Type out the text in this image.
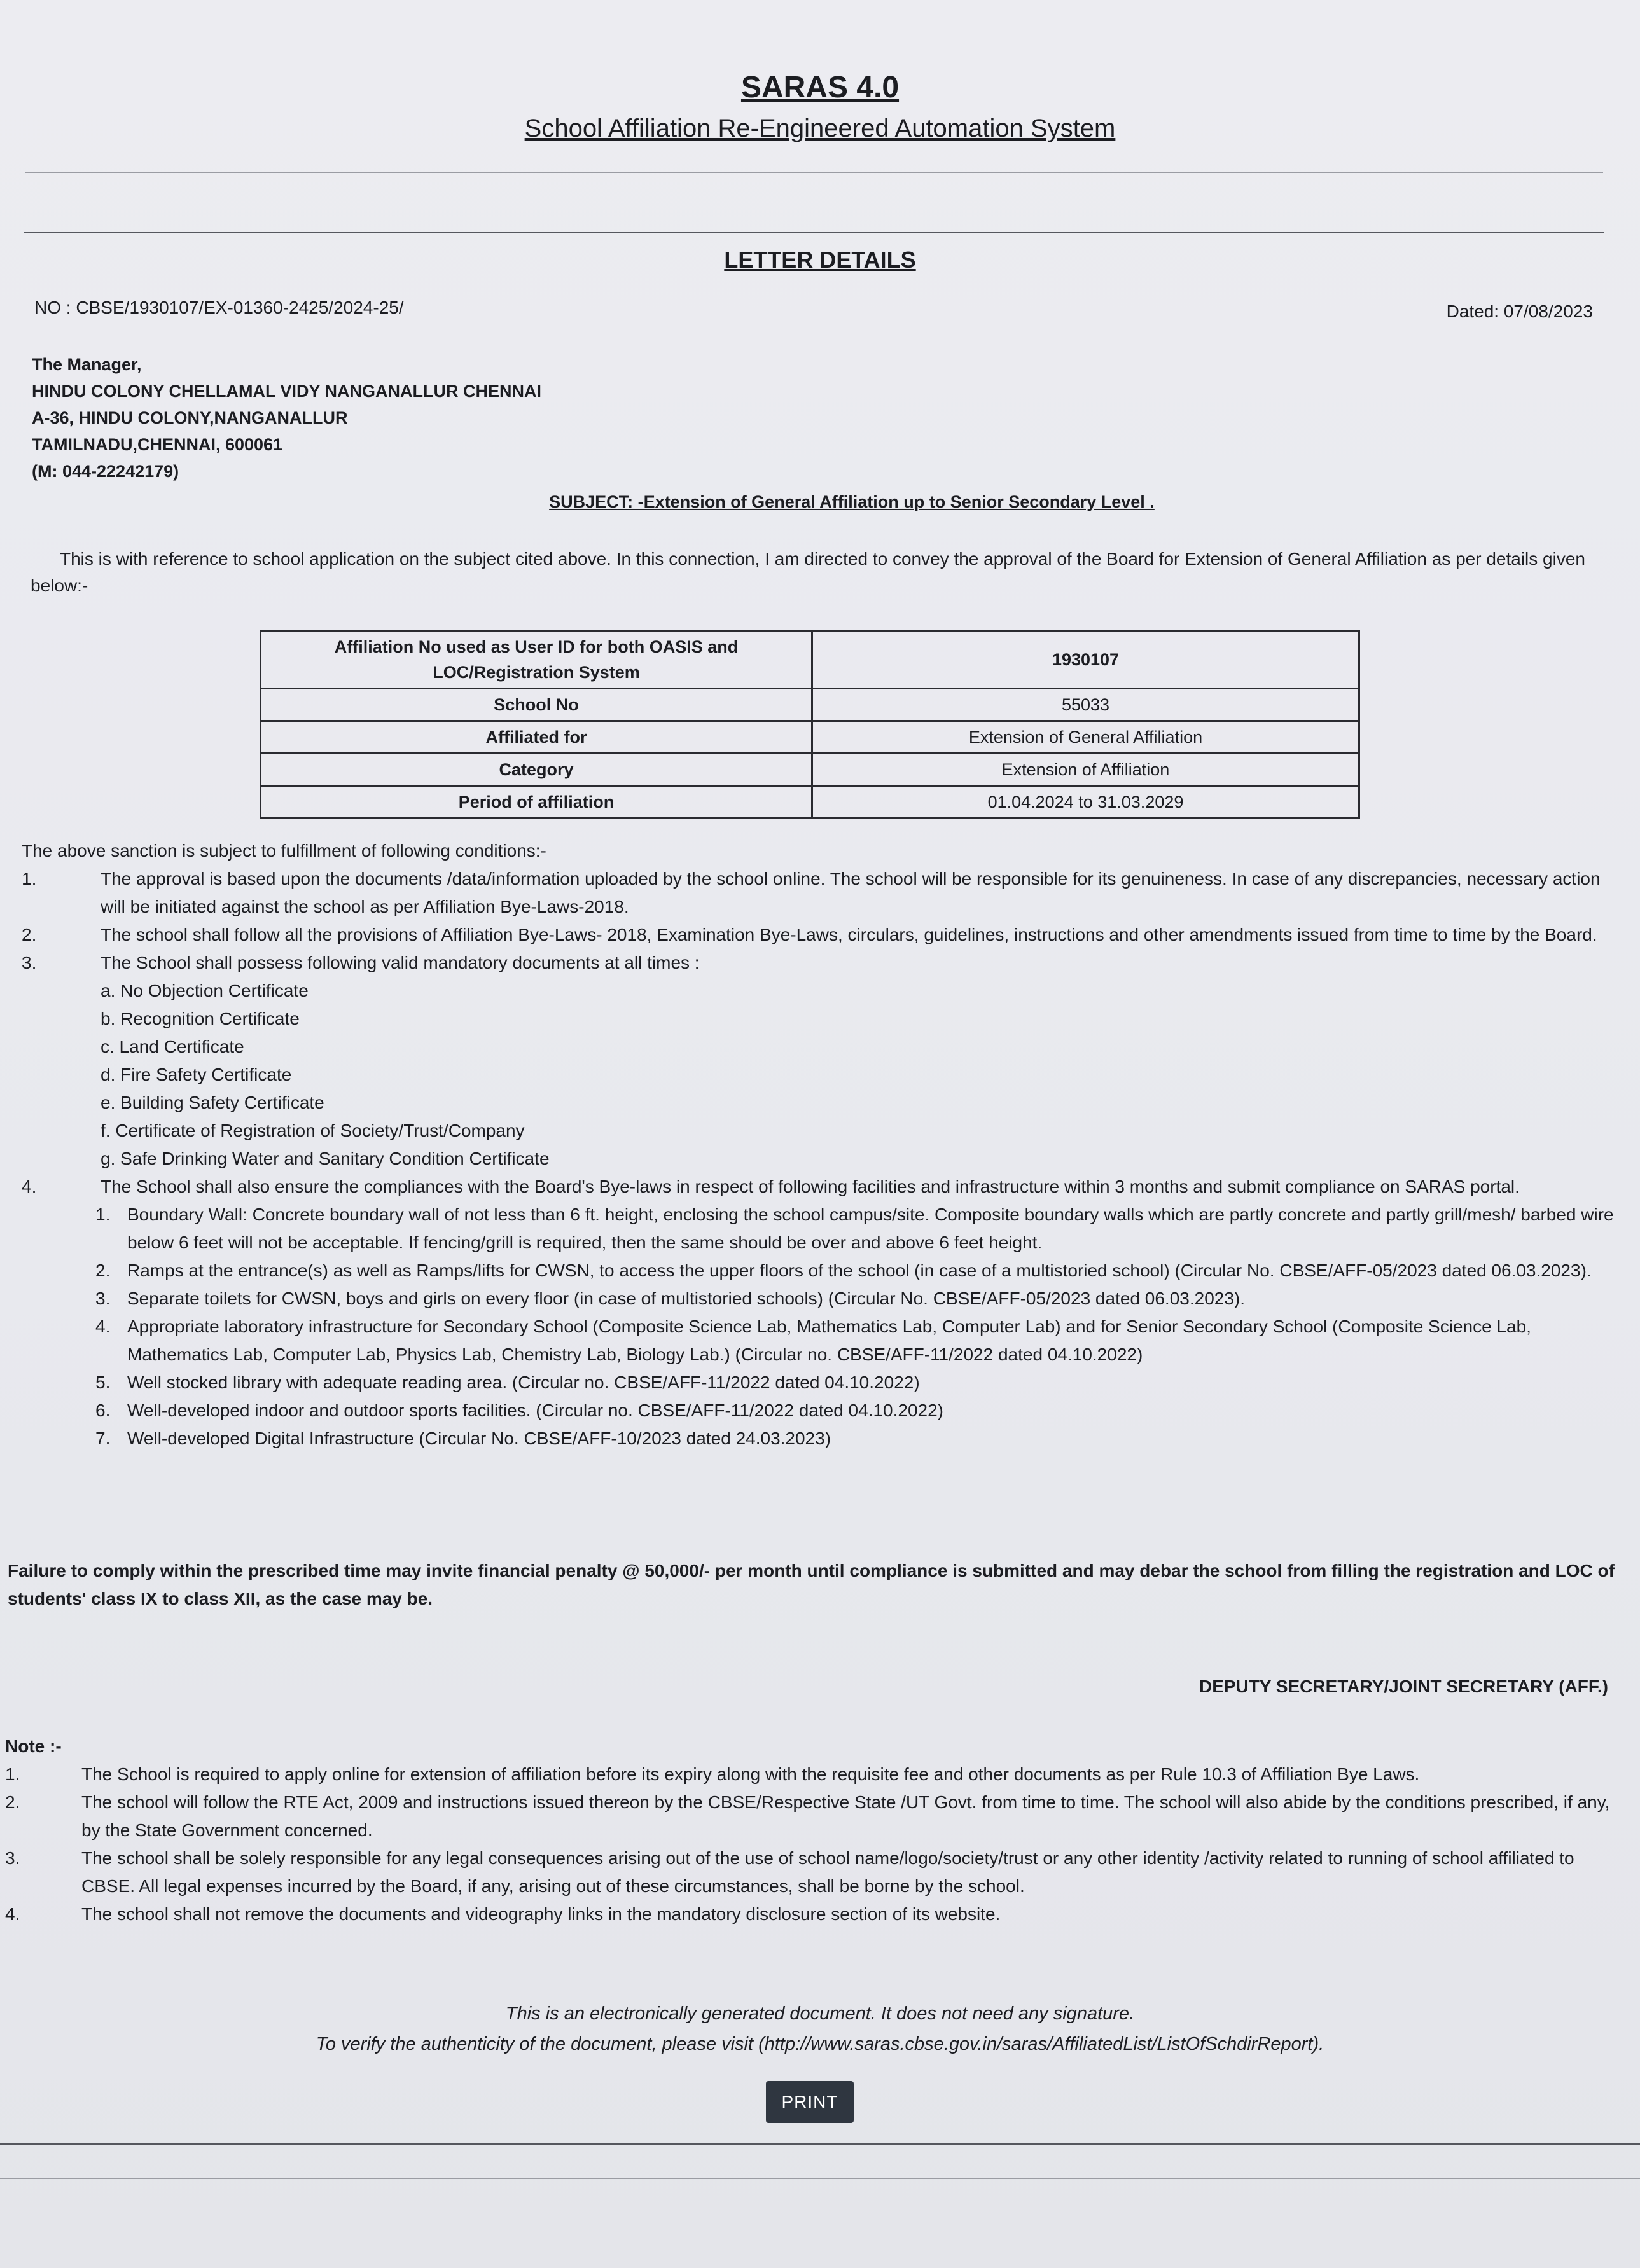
SARAS 4.0
School Affiliation Re-Engineered Automation System
LETTER DETAILS
NO : CBSE/1930107/EX-01360-2425/2024-25/	Dated: 07/08/2023
The Manager,
HINDU COLONY CHELLAMAL VIDY NANGANALLUR CHENNAI
A-36, HINDU COLONY,NANGANALLUR
TAMILNADU,CHENNAI, 600061
(M: 044-22242179)
SUBJECT: -Extension of General Affiliation up to Senior Secondary Level .
This is with reference to school application on the subject cited above. In this connection, I am directed to convey the approval of the Board for Extension of General Affiliation as per details given below:-
Affiliation No used as User ID for both OASIS and LOC/Registration System	1930107
School No	55033
Affiliated for	Extension of General Affiliation
Category	Extension of Affiliation
Period of affiliation	01.04.2024 to 31.03.2029
The above sanction is subject to fulfillment of following conditions:-
1.	The approval is based upon the documents /data/information uploaded by the school online. The school will be responsible for its genuineness. In case of any discrepancies, necessary action will be initiated against the school as per Affiliation Bye-Laws-2018.
2.	The school shall follow all the provisions of Affiliation Bye-Laws- 2018, Examination Bye-Laws, circulars, guidelines, instructions and other amendments issued from time to time by the Board.
3.	The School shall possess following valid mandatory documents at all times :
a. No Objection Certificate
b. Recognition Certificate
c. Land Certificate
d. Fire Safety Certificate
e. Building Safety Certificate
f. Certificate of Registration of Society/Trust/Company
g. Safe Drinking Water and Sanitary Condition Certificate
4.	The School shall also ensure the compliances with the Board's Bye-laws in respect of following facilities and infrastructure within 3 months and submit compliance on SARAS portal.
1. Boundary Wall: Concrete boundary wall of not less than 6 ft. height, enclosing the school campus/site. Composite boundary walls which are partly concrete and partly grill/mesh/ barbed wire below 6 feet will not be acceptable. If fencing/grill is required, then the same should be over and above 6 feet height.
2. Ramps at the entrance(s) as well as Ramps/lifts for CWSN, to access the upper floors of the school (in case of a multistoried school) (Circular No. CBSE/AFF-05/2023 dated 06.03.2023).
3. Separate toilets for CWSN, boys and girls on every floor (in case of multistoried schools) (Circular No. CBSE/AFF-05/2023 dated 06.03.2023).
4. Appropriate laboratory infrastructure for Secondary School (Composite Science Lab, Mathematics Lab, Computer Lab) and for Senior Secondary School (Composite Science Lab, Mathematics Lab, Computer Lab, Physics Lab, Chemistry Lab, Biology Lab.) (Circular no. CBSE/AFF-11/2022 dated 04.10.2022)
5. Well stocked library with adequate reading area. (Circular no. CBSE/AFF-11/2022 dated 04.10.2022)
6. Well-developed indoor and outdoor sports facilities. (Circular no. CBSE/AFF-11/2022 dated 04.10.2022)
7. Well-developed Digital Infrastructure (Circular No. CBSE/AFF-10/2023 dated 24.03.2023)
Failure to comply within the prescribed time may invite financial penalty @ 50,000/- per month until compliance is submitted and may debar the school from filling the registration and LOC of students' class IX to class XII, as the case may be.
DEPUTY SECRETARY/JOINT SECRETARY (AFF.)
Note :-
1.	The School is required to apply online for extension of affiliation before its expiry along with the requisite fee and other documents as per Rule 10.3 of Affiliation Bye Laws.
2.	The school will follow the RTE Act, 2009 and instructions issued thereon by the CBSE/Respective State /UT Govt. from time to time. The school will also abide by the conditions prescribed, if any, by the State Government concerned.
3.	The school shall be solely responsible for any legal consequences arising out of the use of school name/logo/society/trust or any other identity /activity related to running of school affiliated to CBSE. All legal expenses incurred by the Board, if any, arising out of these circumstances, shall be borne by the school.
4.	The school shall not remove the documents and videography links in the mandatory disclosure section of its website.
This is an electronically generated document. It does not need any signature.
To verify the authenticity of the document, please visit (http://www.saras.cbse.gov.in/saras/AffiliatedList/ListOfSchdirReport).
PRINT
